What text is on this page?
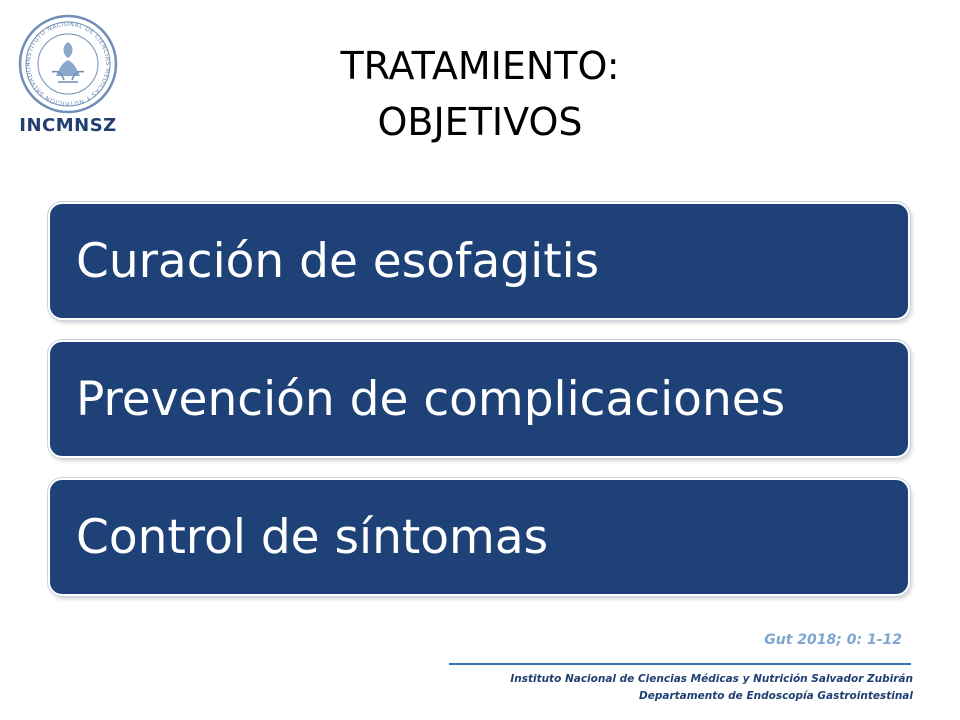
INSTITUTO NACIONAL DE CIENCIAS MÉDICAS Y NUTRICIÓN SALVADOR
INCMNSZ
TRATAMIENTO:
OBJETIVOS
Curación de esofagitis
Prevención de complicaciones
Control de síntomas
Gut 2018; 0: 1-12
Instituto Nacional de Ciencias Médicas y Nutrición Salvador Zubirán
Departamento de Endoscopía Gastrointestinal
